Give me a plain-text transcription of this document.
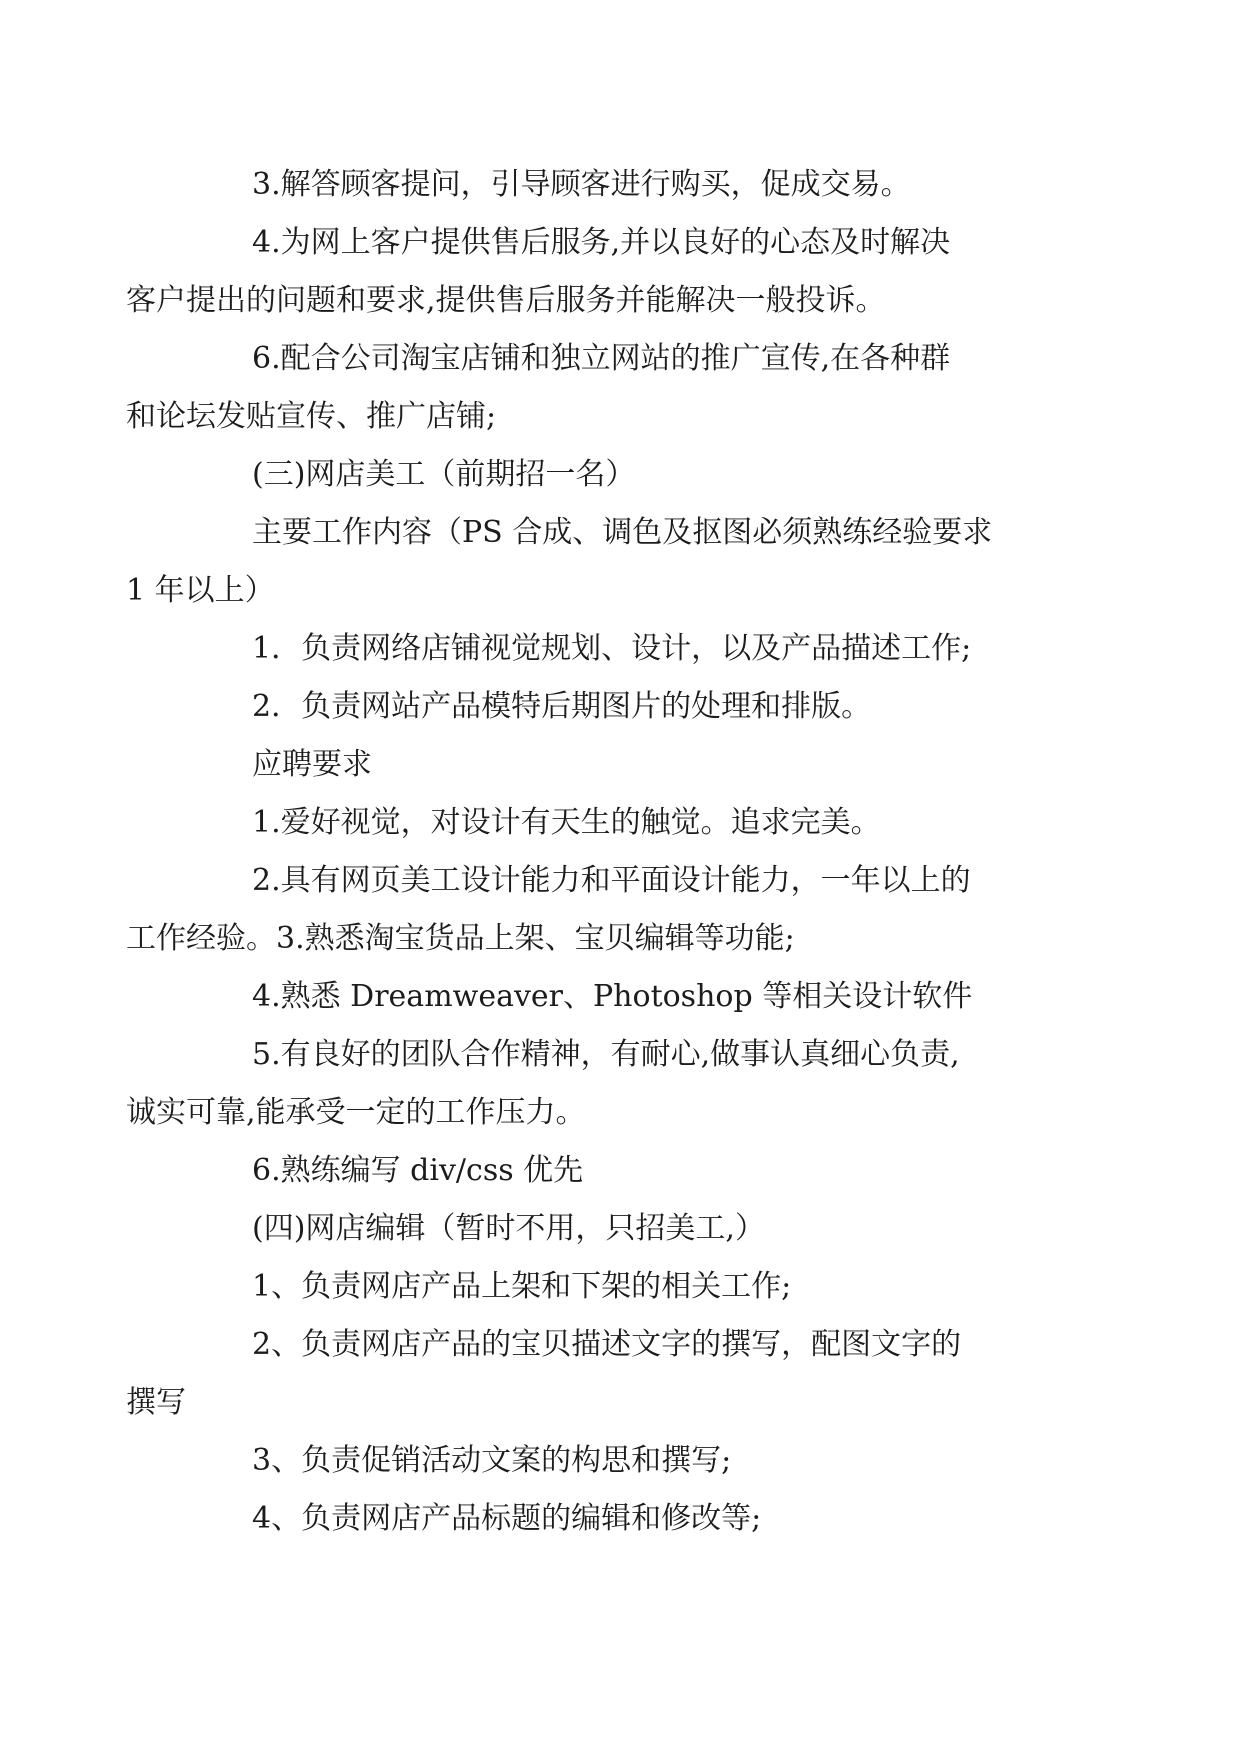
3.解答顾客提问，引导顾客进行购买，促成交易。

4.为网上客户提供售后服务,并以良好的心态及时解决
客户提出的问题和要求,提供售后服务并能解决一般投诉。

6.配合公司淘宝店铺和独立网站的推广宣传,在各种群
和论坛发贴宣传、推广店铺;

(三)网店美工（前期招一名）

主要工作内容（PS 合成、调色及抠图必须熟练经验要求
1 年以上）

1．负责网络店铺视觉规划、设计，以及产品描述工作;

2．负责网站产品模特后期图片的处理和排版。

应聘要求

1.爱好视觉，对设计有天生的触觉。追求完美。

2.具有网页美工设计能力和平面设计能力，一年以上的
工作经验。3.熟悉淘宝货品上架、宝贝编辑等功能;

4.熟悉 Dreamweaver、Photoshop 等相关设计软件

5.有良好的团队合作精神，有耐心,做事认真细心负责,
诚实可靠,能承受一定的工作压力。

6.熟练编写 div/css 优先

(四)网店编辑（暂时不用，只招美工,）

1、负责网店产品上架和下架的相关工作;

2、负责网店产品的宝贝描述文字的撰写，配图文字的
撰写

3、负责促销活动文案的构思和撰写;

4、负责网店产品标题的编辑和修改等;
